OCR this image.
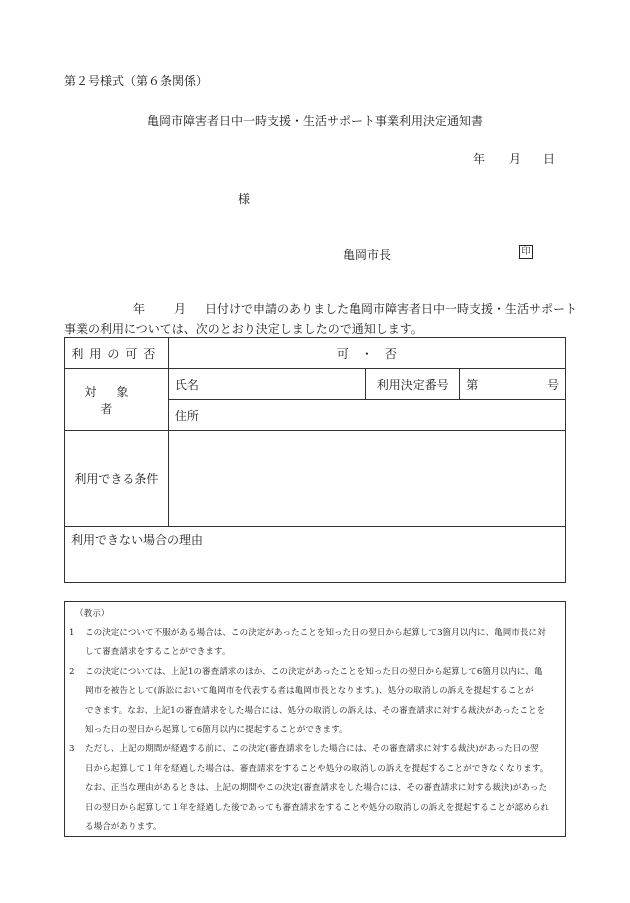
第２号様式（第６条関係）
亀岡市障害者日中一時支援・生活サポート事業利用決定通知書
年 月 日
様
亀岡市長	印
年 月 日付けで申請のありました亀岡市障害者日中一時支援・生活サポート
事業の利用については、次のとおり決定しましたので通知します。
利用の可否	可　・　否		
対象者	氏名	利用決定番号	第 号

	住所		
利用できる条件			
利用できない場合の理由			
（教示）
1 この決定について不服がある場合は、この決定があったことを知った日の翌日から起算して3箇月以内に、亀岡市長に対
して審査請求をすることができます。
2 この決定については、上記1の審査請求のほか、この決定があったことを知った日の翌日から起算して6箇月以内に、亀
岡市を被告として(訴訟において亀岡市を代表する者は亀岡市長となります。)、処分の取消しの訴えを提起することが
できます。なお、上記1の審査請求をした場合には、処分の取消しの訴えは、その審査請求に対する裁決があったことを
知った日の翌日から起算して6箇月以内に提起することができます。
3 ただし、上記の期間が経過する前に、この決定(審査請求をした場合には、その審査請求に対する裁決)があった日の翌
日から起算して１年を経過した場合は、審査請求をすることや処分の取消しの訴えを提起することができなくなります。
なお、正当な理由があるときは、上記の期間やこの決定(審査請求をした場合には、その審査請求に対する裁決)があった
日の翌日から起算して１年を経過した後であっても審査請求をすることや処分の取消しの訴えを提起することが認められ
る場合があります。
